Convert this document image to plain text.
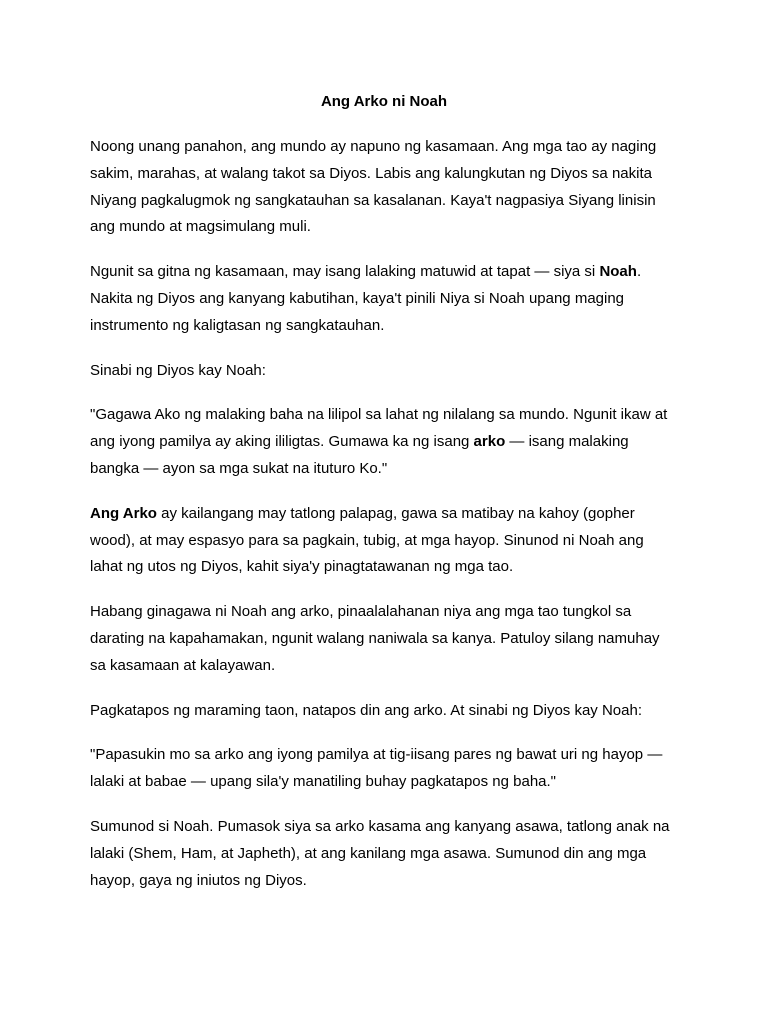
Ang Arko ni Noah

Noong unang panahon, ang mundo ay napuno ng kasamaan. Ang mga tao ay naging sakim, marahas, at walang takot sa Diyos. Labis ang kalungkutan ng Diyos sa nakita Niyang pagkalugmok ng sangkatauhan sa kasalanan. Kaya't nagpasiya Siyang linisin ang mundo at magsimulang muli.

Ngunit sa gitna ng kasamaan, may isang lalaking matuwid at tapat — siya si Noah. Nakita ng Diyos ang kanyang kabutihan, kaya't pinili Niya si Noah upang maging instrumento ng kaligtasan ng sangkatauhan.

Sinabi ng Diyos kay Noah:

"Gagawa Ako ng malaking baha na lilipol sa lahat ng nilalang sa mundo. Ngunit ikaw at ang iyong pamilya ay aking ililigtas. Gumawa ka ng isang arko — isang malaking bangka — ayon sa mga sukat na ituturo Ko."

Ang Arko ay kailangang may tatlong palapag, gawa sa matibay na kahoy (gopher wood), at may espasyo para sa pagkain, tubig, at mga hayop. Sinunod ni Noah ang lahat ng utos ng Diyos, kahit siya'y pinagtatawanan ng mga tao.

Habang ginagawa ni Noah ang arko, pinaalalahanan niya ang mga tao tungkol sa darating na kapahamakan, ngunit walang naniwala sa kanya. Patuloy silang namuhay sa kasamaan at kalayawan.

Pagkatapos ng maraming taon, natapos din ang arko. At sinabi ng Diyos kay Noah:

"Papasukin mo sa arko ang iyong pamilya at tig-iisang pares ng bawat uri ng hayop — lalaki at babae — upang sila'y manatiling buhay pagkatapos ng baha."

Sumunod si Noah. Pumasok siya sa arko kasama ang kanyang asawa, tatlong anak na lalaki (Shem, Ham, at Japheth), at ang kanilang mga asawa. Sumunod din ang mga hayop, gaya ng iniutos ng Diyos.
